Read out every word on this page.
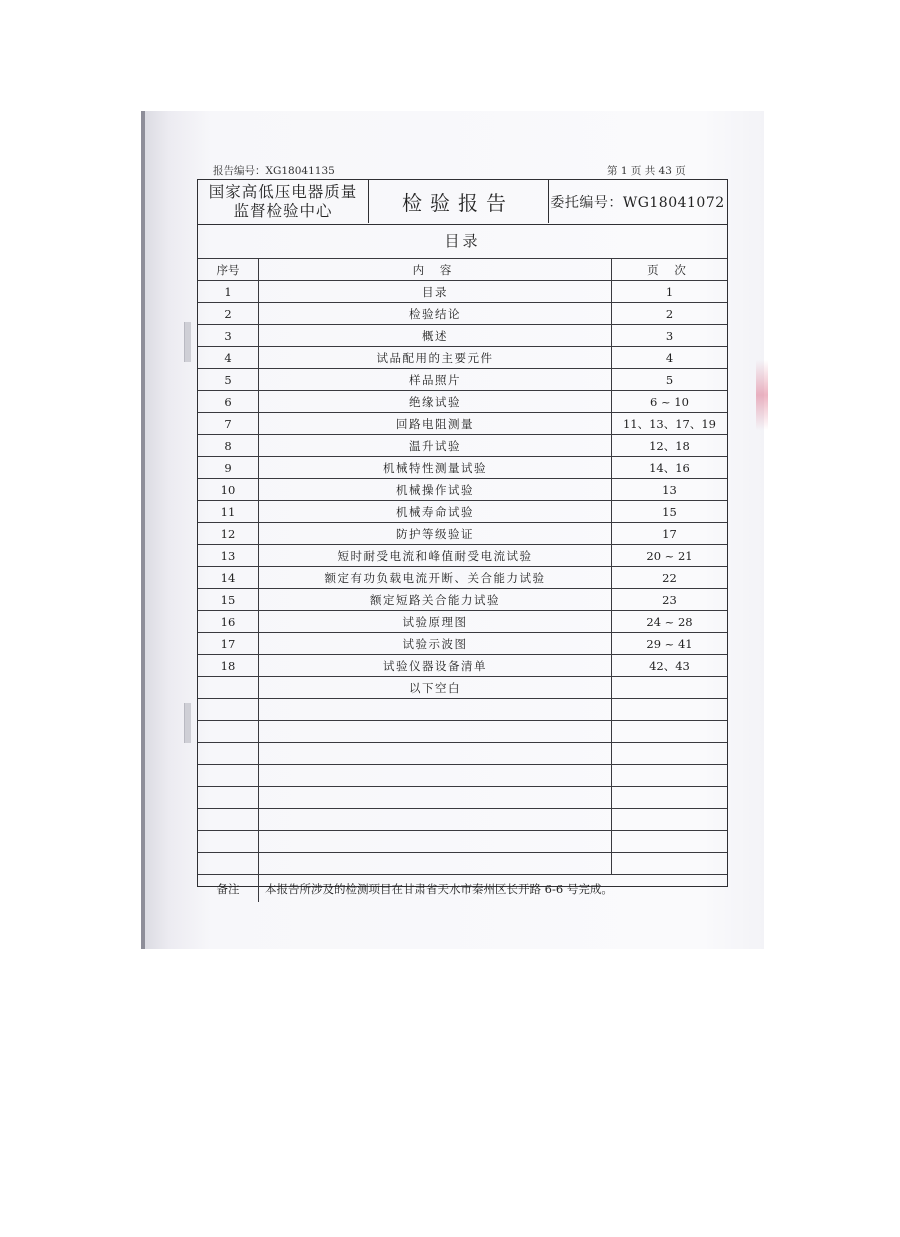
报告编号：XG18041135	第 1 页 共 43 页
国家高低压电器质量
监督检验中心	检验报告	委托编号：WG18041072
目录
序号	内 容	页 次
1	目录	1
2	检验结论	2
3	概述	3
4	试品配用的主要元件	4
5	样品照片	5
6	绝缘试验	6 ~ 10
7	回路电阻测量	11、13、17、19
8	温升试验	12、18
9	机械特性测量试验	14、16
10	机械操作试验	13
11	机械寿命试验	15
12	防护等级验证	17
13	短时耐受电流和峰值耐受电流试验	20 ~ 21
14	额定有功负载电流开断、关合能力试验	22
15	额定短路关合能力试验	23
16	试验原理图	24 ~ 28
17	试验示波图	29 ~ 41
18	试验仪器设备清单	42、43
以下空白
备注	本报告所涉及的检测项目在甘肃省天水市秦州区长开路 6-6 号完成。
